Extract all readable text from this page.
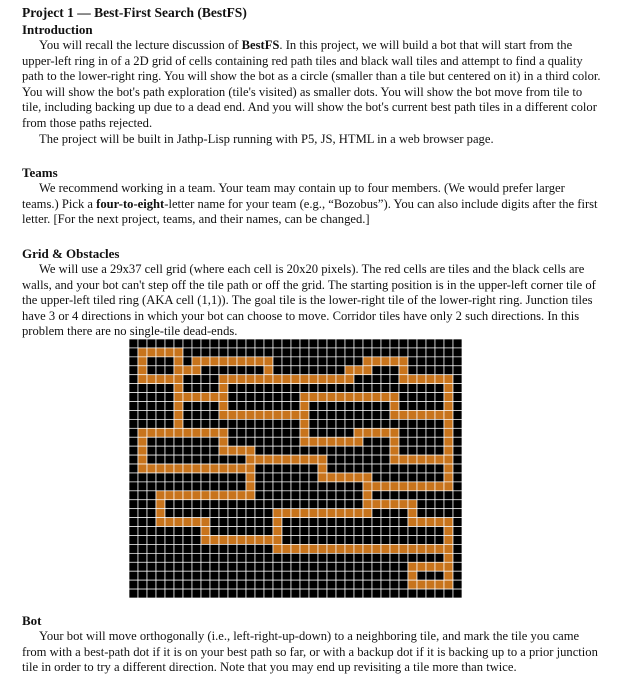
Project 1 — Best-First Search (BestFS)

Introduction

You will recall the lecture discussion of BestFS. In this project, we will build a bot that will start from the upper-left ring in of a 2D grid of cells containing red path tiles and black wall tiles and attempt to find a quality path to the lower-right ring. You will show the bot as a circle (smaller than a tile but centered on it) in a third color. You will show the bot's path exploration (tile's visited) as smaller dots. You will show the bot move from tile to tile, including backing up due to a dead end. And you will show the bot's current best path tiles in a different color from those paths rejected.

The project will be built in Jathp-Lisp running with P5, JS, HTML in a web browser page.

Teams

We recommend working in a team. Your team may contain up to four members. (We would prefer larger teams.) Pick a four-to-eight-letter name for your team (e.g., “Bozobus”). You can also include digits after the first letter. [For the next project, teams, and their names, can be changed.]

Grid & Obstacles

We will use a 29x37 cell grid (where each cell is 20x20 pixels). The red cells are tiles and the black cells are walls, and your bot can't step off the tile path or off the grid. The starting position is in the upper-left corner tile of the upper-left tiled ring (AKA cell (1,1)). The goal tile is the lower-right tile of the lower-right ring. Junction tiles have 3 or 4 directions in which your bot can choose to move. Corridor tiles have only 2 such directions. In this problem there are no single-tile dead-ends.

Bot

Your bot will move orthogonally (i.e., left-right-up-down) to a neighboring tile, and mark the tile you came from with a best-path dot if it is on your best path so far, or with a backup dot if it is backing up to a prior junction tile in order to try a different direction. Note that you may end up revisiting a tile more than twice.
